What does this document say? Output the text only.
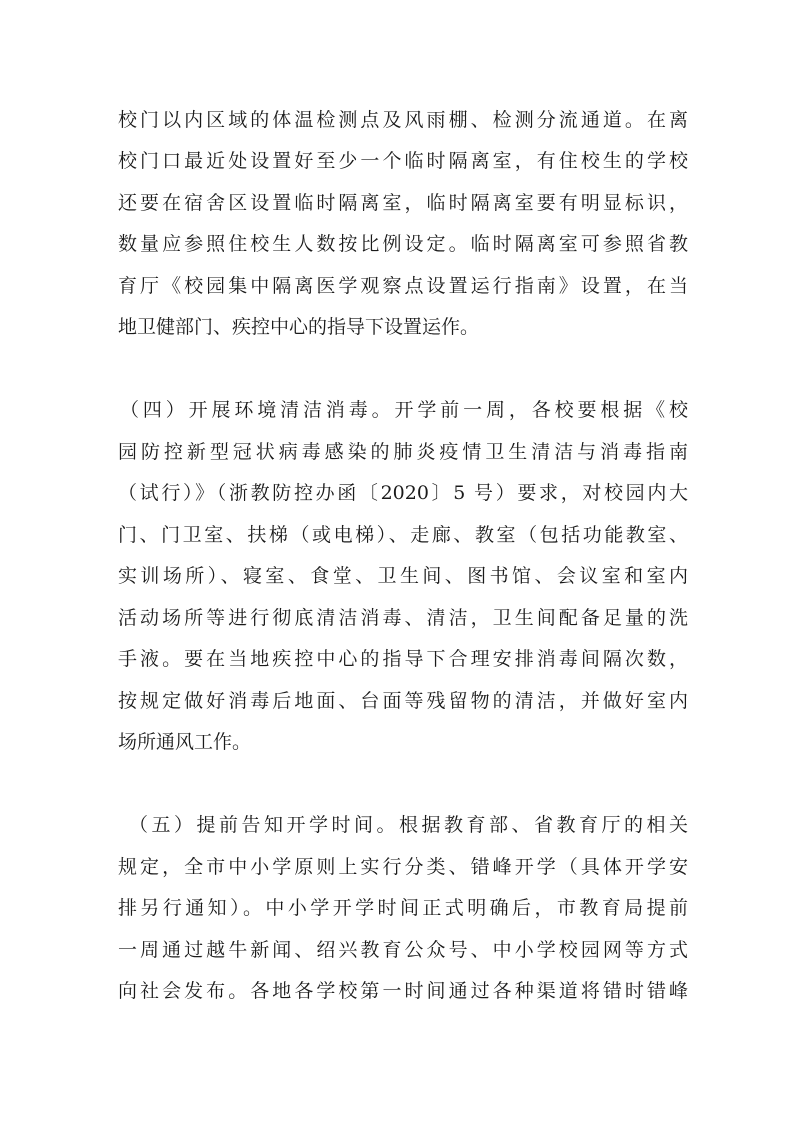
校门以内区域的体温检测点及风雨棚、检测分流通道。在离
校门口最近处设置好至少一个临时隔离室，有住校生的学校
还要在宿舍区设置临时隔离室，临时隔离室要有明显标识，
数量应参照住校生人数按比例设定。临时隔离室可参照省教
育厅《校园集中隔离医学观察点设置运行指南》设置，在当
地卫健部门、疾控中心的指导下设置运作。
（四）开展环境清洁消毒。开学前一周，各校要根据《校
园防控新型冠状病毒感染的肺炎疫情卫生清洁与消毒指南
（试行）》（浙教防控办函〔2020〕5 号）要求，对校园内大
门、门卫室、扶梯（或电梯）、走廊、教室（包括功能教室、
实训场所）、寝室、食堂、卫生间、图书馆、会议室和室内
活动场所等进行彻底清洁消毒、清洁，卫生间配备足量的洗
手液。要在当地疾控中心的指导下合理安排消毒间隔次数，
按规定做好消毒后地面、台面等残留物的清洁，并做好室内
场所通风工作。
（五）提前告知开学时间。根据教育部、省教育厅的相关
规定，全市中小学原则上实行分类、错峰开学（具体开学安
排另行通知）。中小学开学时间正式明确后，市教育局提前
一周通过越牛新闻、绍兴教育公众号、中小学校园网等方式
向社会发布。各地各学校第一时间通过各种渠道将错时错峰
